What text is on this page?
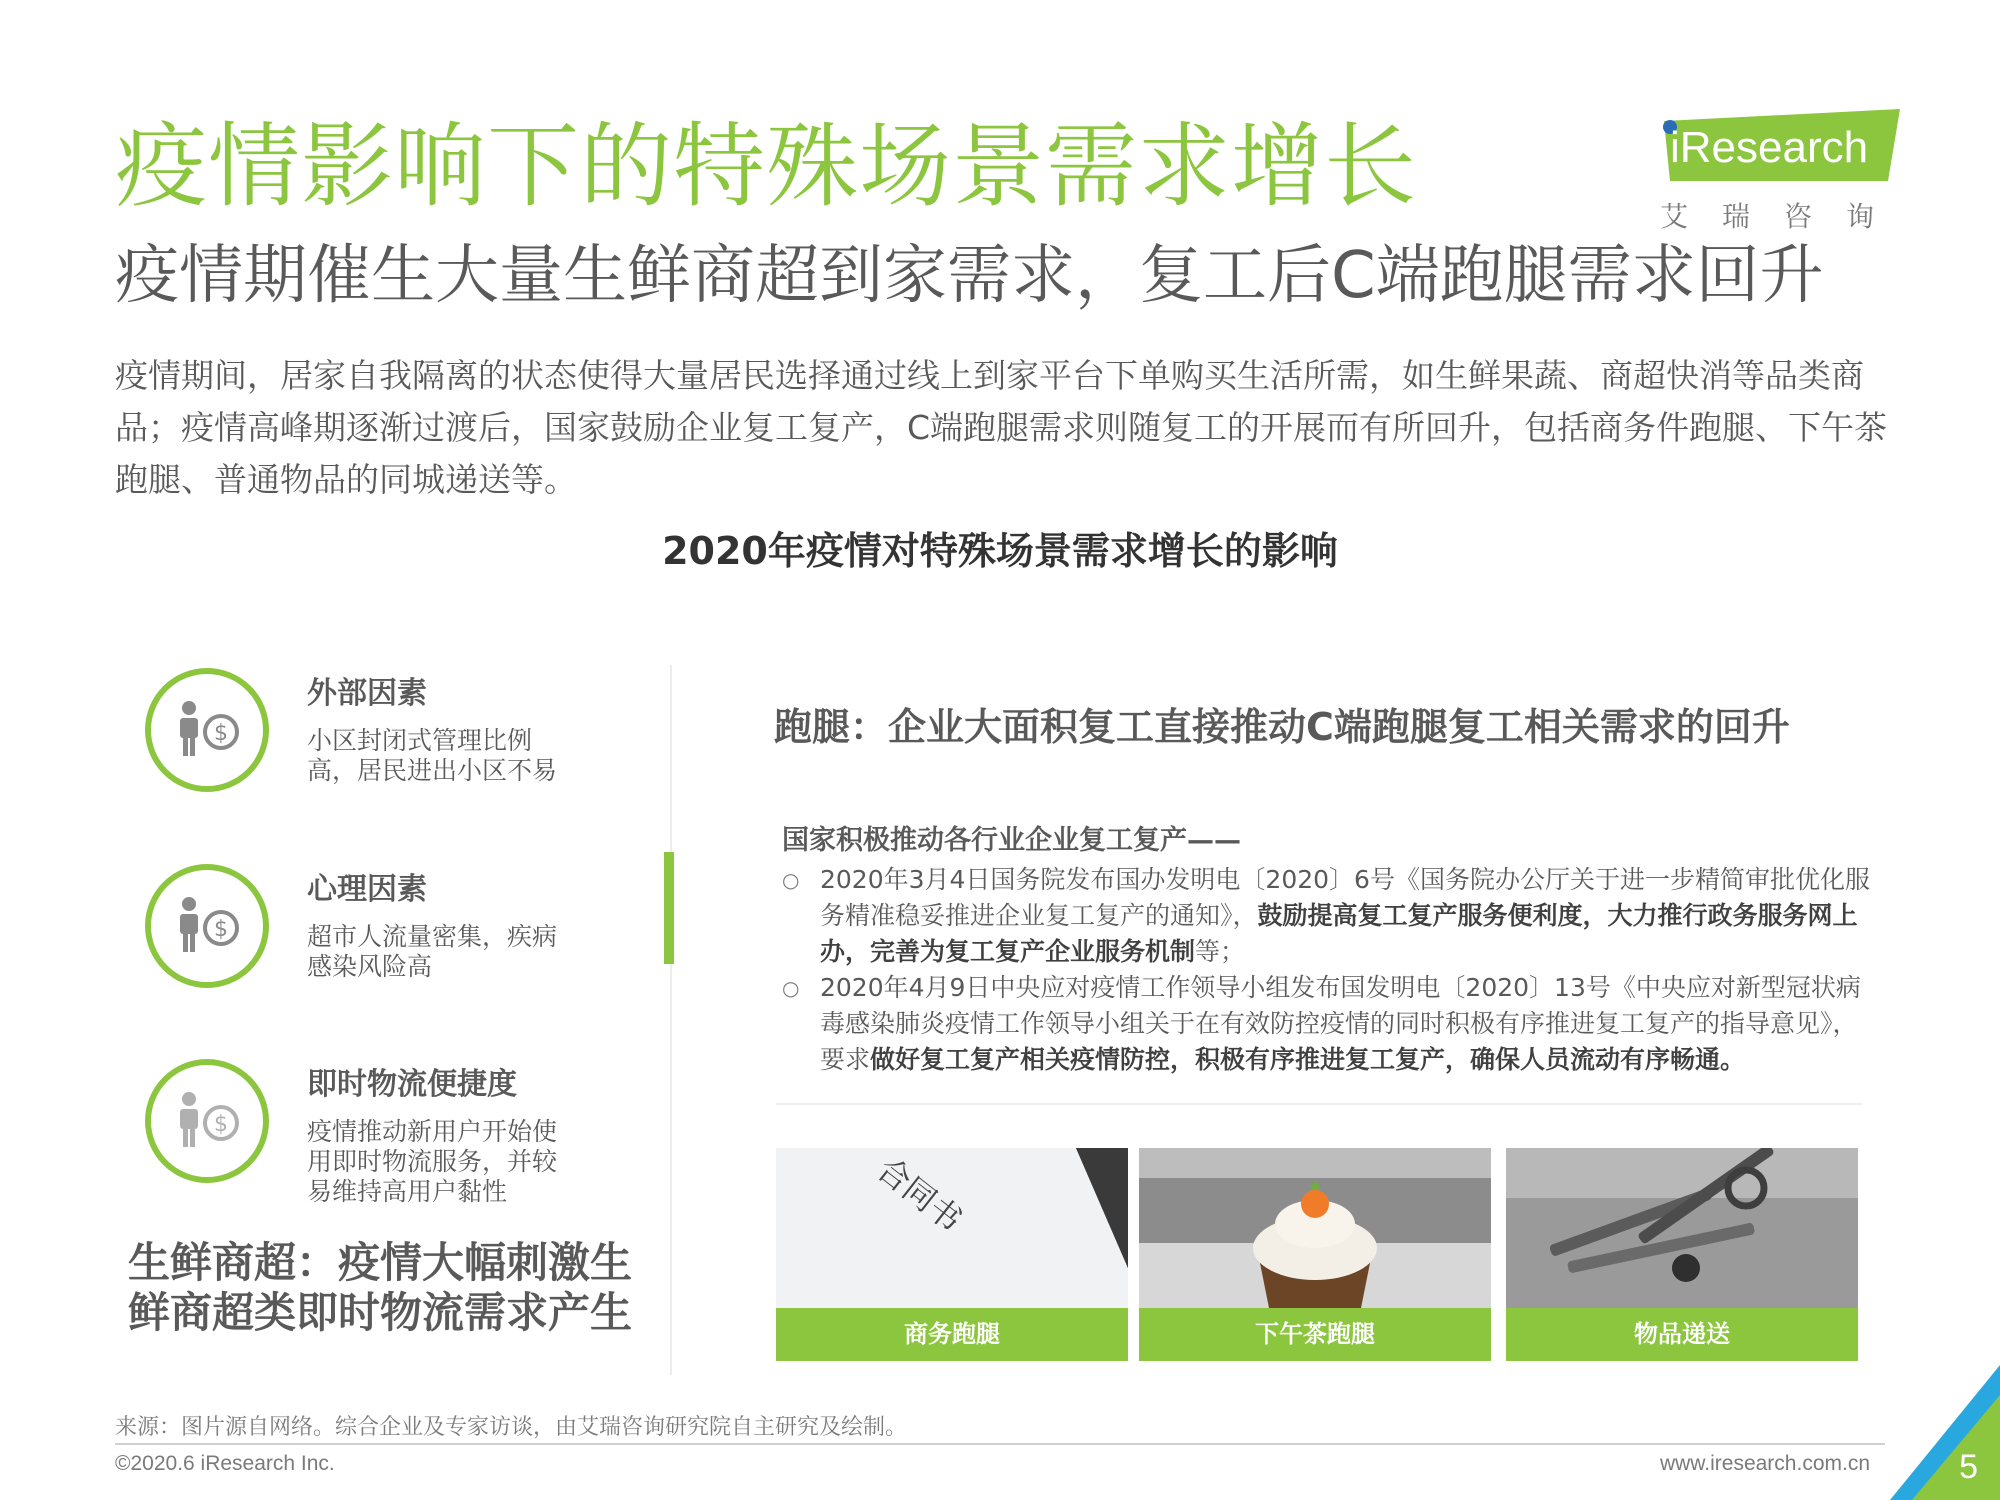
疫情影响下的特殊场景需求增长
疫情期催生大量生鲜商超到家需求，复工后C端跑腿需求回升
疫情期间，居家自我隔离的状态使得大量居民选择通过线上到家平台下单购买生活所需，如生鲜果蔬、商超快消等品类商品；疫情高峰期逐渐过渡后，国家鼓励企业复工复产，C端跑腿需求则随复工的开展而有所回升，包括商务件跑腿、下午茶跑腿、普通物品的同城递送等。
iResearch
艾瑞咨询
2020年疫情对特殊场景需求增长的影响
$
外部因素
小区封闭式管理比例高，居民进出小区不易
$
心理因素
超市人流量密集，疾病感染风险高
$
即时物流便捷度
疫情推动新用户开始使用即时物流服务，并较易维持高用户黏性
生鲜商超：疫情大幅刺激生鲜商超类即时物流需求产生
跑腿：企业大面积复工直接推动C端跑腿复工相关需求的回升
国家积极推动各行业企业复工复产——
○ 2020年3月4日国务院发布国办发明电〔2020〕6号《国务院办公厅关于进一步精简审批优化服务精准稳妥推进企业复工复产的通知》，鼓励提高复工复产服务便利度，大力推行政务服务网上办，完善为复工复产企业服务机制等；
○ 2020年4月9日中央应对疫情工作领导小组发布国发明电〔2020〕13号《中央应对新型冠状病毒感染肺炎疫情工作领导小组关于在有效防控疫情的同时积极有序推进复工复产的指导意见》，要求做好复工复产相关疫情防控，积极有序推进复工复产，确保人员流动有序畅通。
合同书
商务跑腿	下午茶跑腿	物品递送
来源：图片源自网络。综合企业及专家访谈，由艾瑞咨询研究院自主研究及绘制。
©2020.6 iResearch Inc.	www.iresearch.com.cn	5
